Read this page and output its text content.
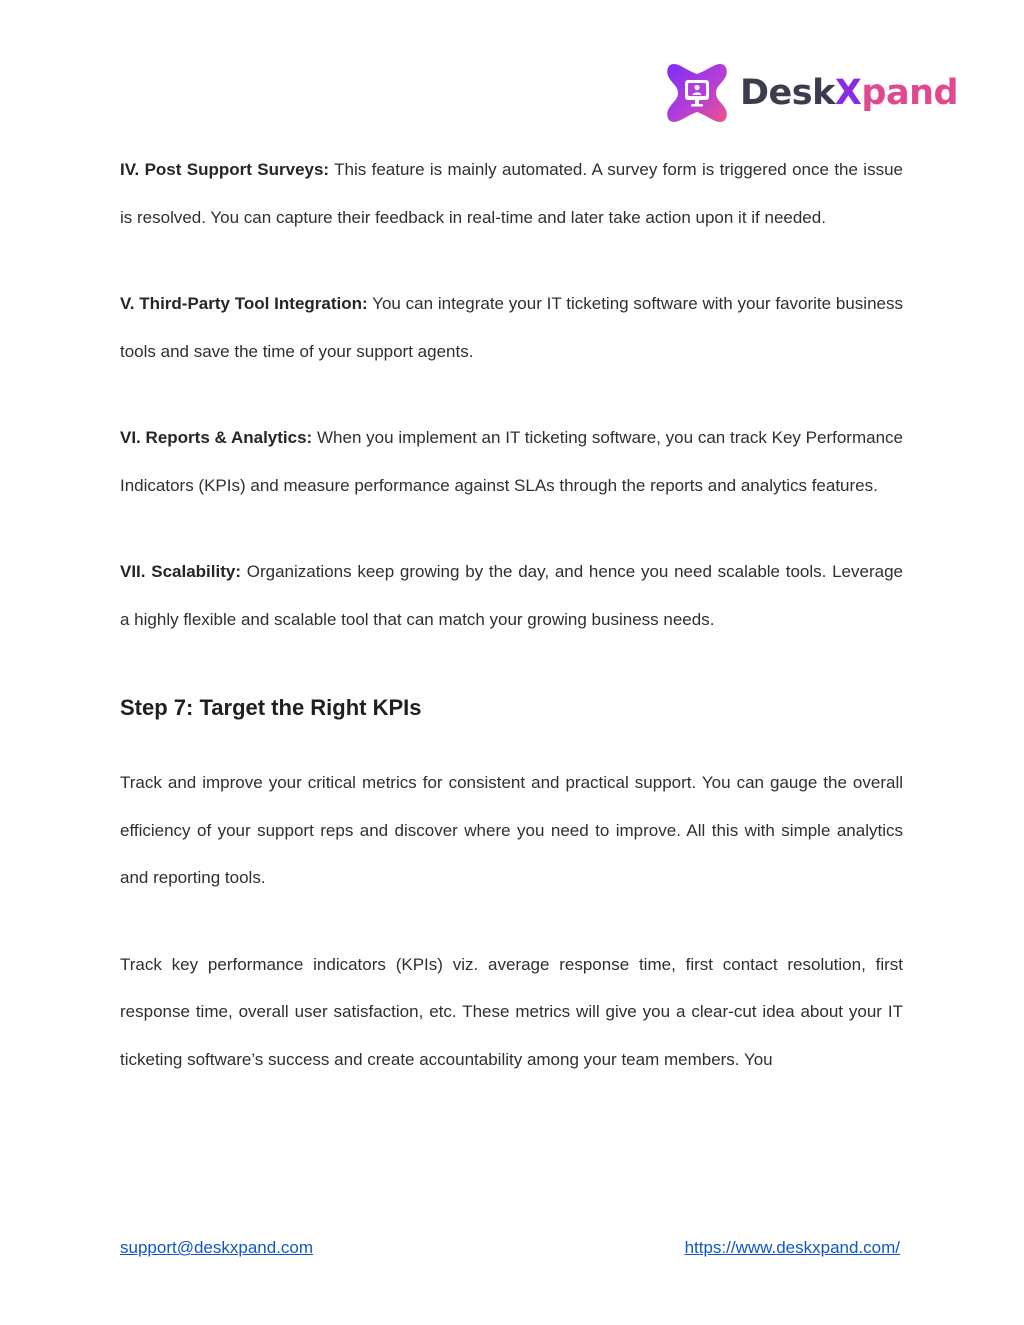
DeskXpand

IV. Post Support Surveys: This feature is mainly automated. A survey form is triggered once the issue is resolved. You can capture their feedback in real-time and later take action upon it if needed.

V. Third-Party Tool Integration: You can integrate your IT ticketing software with your favorite business tools and save the time of your support agents.

VI. Reports & Analytics: When you implement an IT ticketing software, you can track Key Performance Indicators (KPIs) and measure performance against SLAs through the reports and analytics features.

VII. Scalability: Organizations keep growing by the day, and hence you need scalable tools. Leverage a highly flexible and scalable tool that can match your growing business needs.

Step 7: Target the Right KPIs

Track and improve your critical metrics for consistent and practical support. You can gauge the overall efficiency of your support reps and discover where you need to improve. All this with simple analytics and reporting tools.

Track key performance indicators (KPIs) viz. average response time, first contact resolution, first response time, overall user satisfaction, etc. These metrics will give you a clear-cut idea about your IT ticketing software’s success and create accountability among your team members. You

support@deskxpand.com	https://www.deskxpand.com/
